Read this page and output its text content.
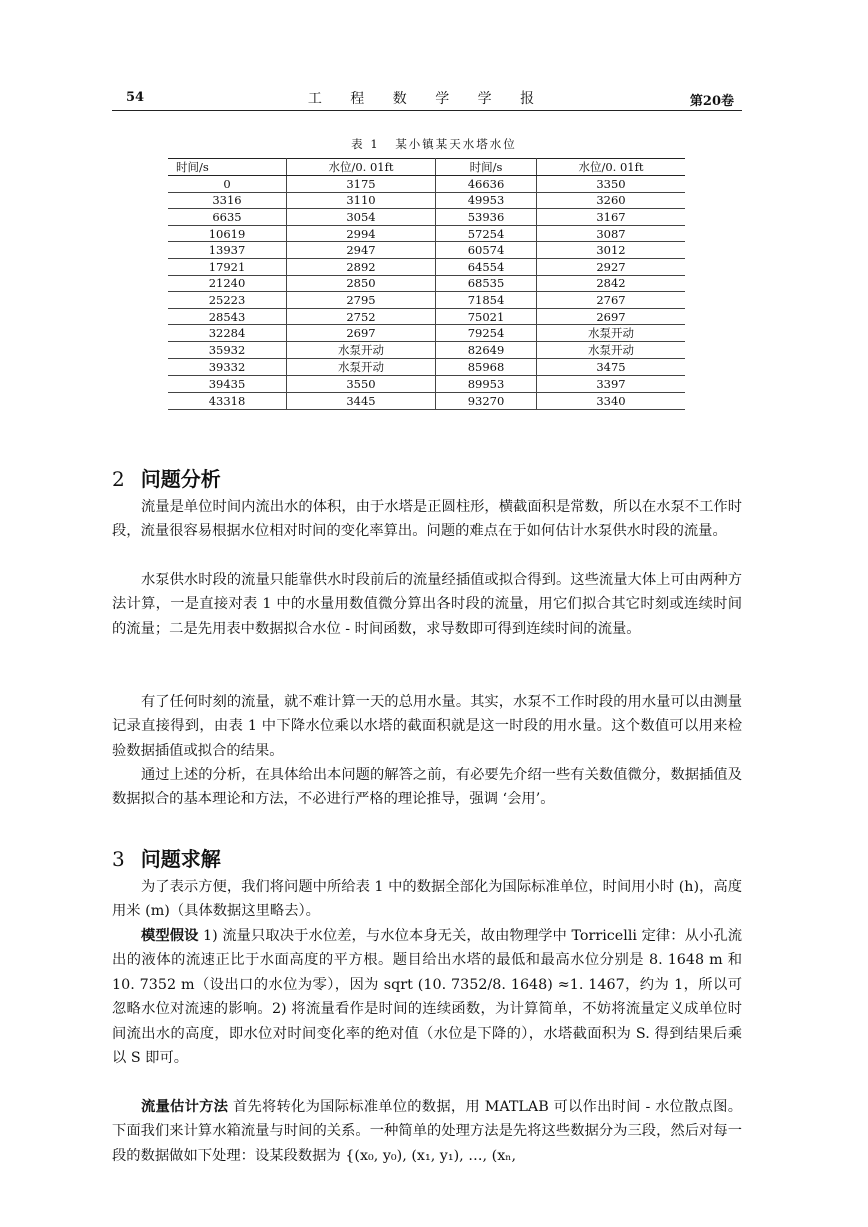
54	工 程 数 学 学 报	第20卷
表 1 某小镇某天水塔水位
时间/s	水位/0. 01ft	时间/s	水位/0. 01ft
0	3175	46636	3350
3316	3110	49953	3260
6635	3054	53936	3167
10619	2994	57254	3087
13937	2947	60574	3012
17921	2892	64554	2927
21240	2850	68535	2842
25223	2795	71854	2767
28543	2752	75021	2697
32284	2697	79254	水泵开动
35932	水泵开动	82649	水泵开动
39332	水泵开动	85968	3475
39435	3550	89953	3397
43318	3445	93270	3340
2 问题分析

流量是单位时间内流出水的体积，由于水塔是正圆柱形，横截面积是常数，所以在水泵不工作时段，流量很容易根据水位相对时间的变化率算出。问题的难点在于如何估计水泵供水时段的流量。

水泵供水时段的流量只能靠供水时段前后的流量经插值或拟合得到。这些流量大体上可由两种方法计算，一是直接对表 1 中的水量用数值微分算出各时段的流量，用它们拟合其它时刻或连续时间的流量；二是先用表中数据拟合水位 - 时间函数，求导数即可得到连续时间的流量。

有了任何时刻的流量，就不难计算一天的总用水量。其实，水泵不工作时段的用水量可以由测量记录直接得到，由表 1 中下降水位乘以水塔的截面积就是这一时段的用水量。这个数值可以用来检验数据插值或拟合的结果。

通过上述的分析，在具体给出本问题的解答之前，有必要先介绍一些有关数值微分，数据插值及数据拟合的基本理论和方法，不必进行严格的理论推导，强调 ‘会用’。

3 问题求解

为了表示方便，我们将问题中所给表 1 中的数据全部化为国际标准单位，时间用小时 (h)，高度用米 (m)（具体数据这里略去）。

模型假设 1) 流量只取决于水位差，与水位本身无关，故由物理学中 Torricelli 定律：从小孔流出的液体的流速正比于水面高度的平方根。题目给出水塔的最低和最高水位分别是 8. 1648 m 和 10. 7352 m（设出口的水位为零），因为 sqrt (10. 7352/8. 1648) ≈1. 1467，约为 1，所以可忽略水位对流速的影响。2) 将流量看作是时间的连续函数，为计算简单，不妨将流量定义成单位时间流出水的高度，即水位对时间变化率的绝对值（水位是下降的），水塔截面积为 S. 得到结果后乘以 S 即可。

流量估计方法 首先将转化为国际标准单位的数据，用 MATLAB 可以作出时间 - 水位散点图。下面我们来计算水箱流量与时间的关系。一种简单的处理方法是先将这些数据分为三段，然后对每一段的数据做如下处理：设某段数据为 {(x₀, y₀), (x₁, y₁), …, (xₙ,
